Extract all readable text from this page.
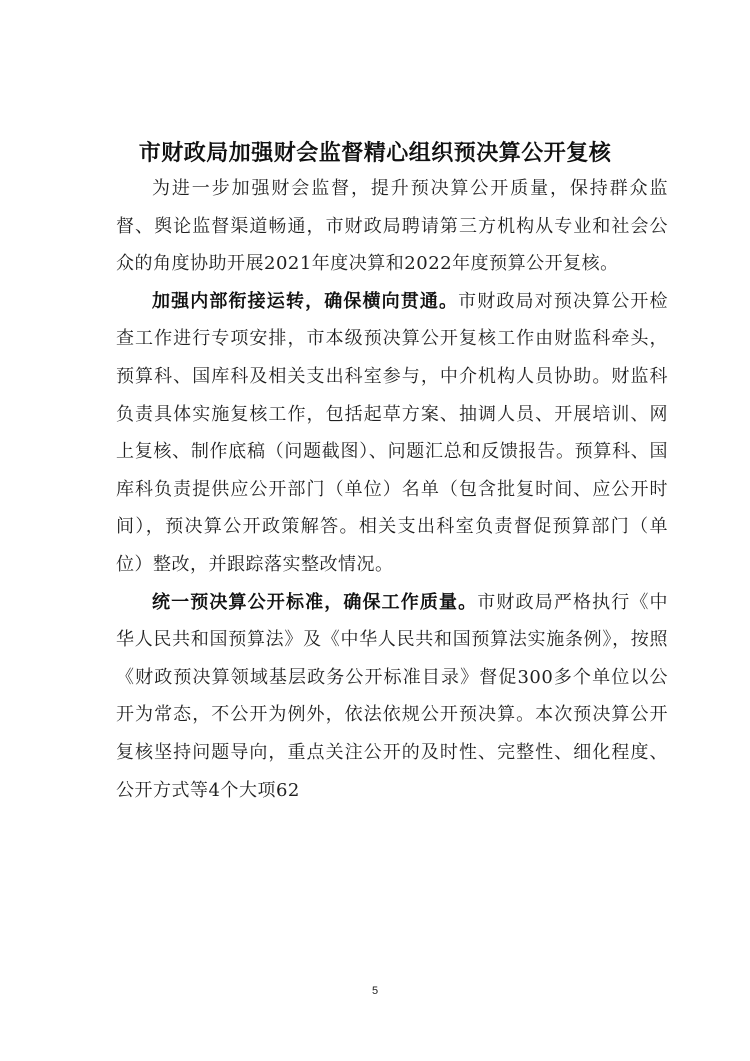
市财政局加强财会监督精心组织预决算公开复核

为进一步加强财会监督，提升预决算公开质量，保持群众监督、舆论监督渠道畅通，市财政局聘请第三方机构从专业和社会公众的角度协助开展2021年度决算和2022年度预算公开复核。

加强内部衔接运转，确保横向贯通。市财政局对预决算公开检查工作进行专项安排，市本级预决算公开复核工作由财监科牵头，预算科、国库科及相关支出科室参与，中介机构人员协助。财监科负责具体实施复核工作，包括起草方案、抽调人员、开展培训、网上复核、制作底稿（问题截图）、问题汇总和反馈报告。预算科、国库科负责提供应公开部门（单位）名单（包含批复时间、应公开时间），预决算公开政策解答。相关支出科室负责督促预算部门（单位）整改，并跟踪落实整改情况。

统一预决算公开标准，确保工作质量。市财政局严格执行《中华人民共和国预算法》及《中华人民共和国预算法实施条例》，按照《财政预决算领域基层政务公开标准目录》督促300多个单位以公开为常态，不公开为例外，依法依规公开预决算。本次预决算公开复核坚持问题导向，重点关注公开的及时性、完整性、细化程度、公开方式等4个大项62

5
